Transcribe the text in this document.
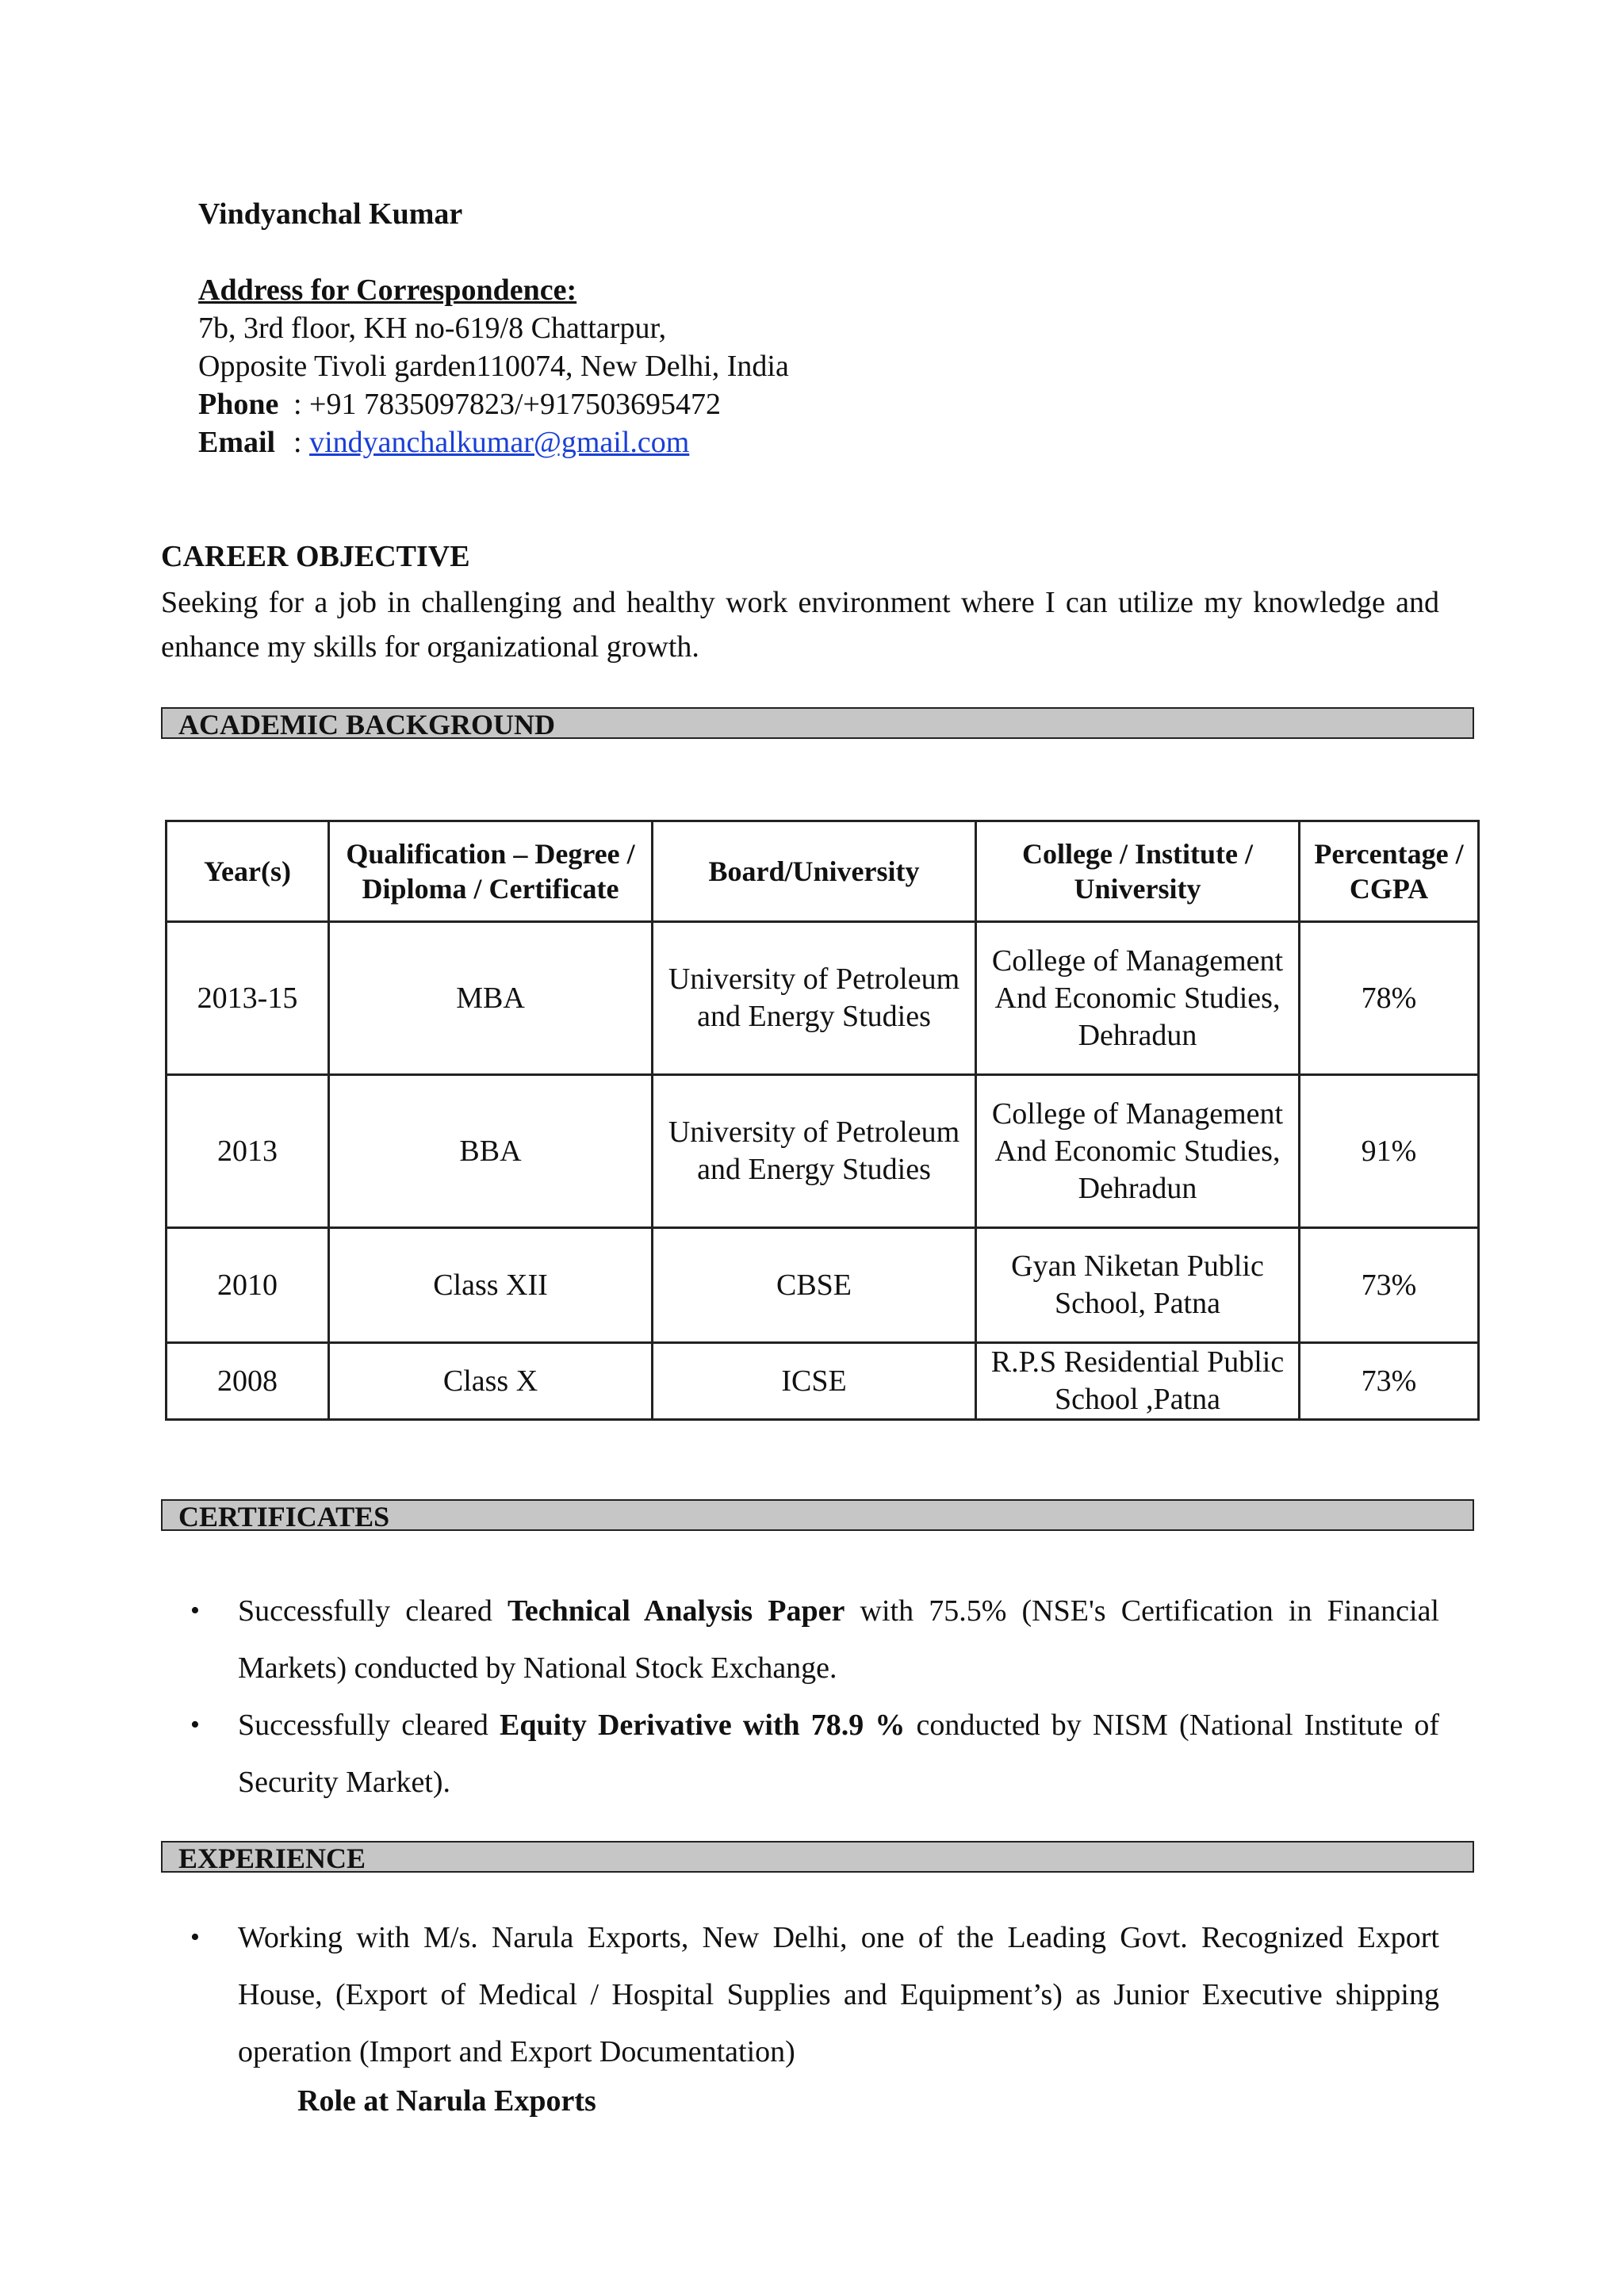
Vindyanchal Kumar
Address for Correspondence:
7b, 3rd floor, KH no-619/8 Chattarpur,
Opposite Tivoli garden110074, New Delhi, India
Phone : +91 7835097823/+917503695472
Email : vindyanchalkumar@gmail.com
CAREER OBJECTIVE
Seeking for a job in challenging and healthy work environment where I can utilize my knowledge and enhance my skills for organizational growth.
ACADEMIC BACKGROUND
Year(s)	Qualification – Degree / Diploma / Certificate	Board/University	College / Institute / University	Percentage / CGPA
2013-15	MBA	University of Petroleum and Energy Studies	College of Management And Economic Studies, Dehradun	78%
2013	BBA	University of Petroleum and Energy Studies	College of Management And Economic Studies, Dehradun	91%
2010	Class XII	CBSE	Gyan Niketan Public School, Patna	73%
2008	Class X	ICSE	R.P.S Residential Public School ,Patna	73%
CERTIFICATES
• Successfully cleared Technical Analysis Paper with 75.5% (NSE's Certification in Financial Markets) conducted by National Stock Exchange.
• Successfully cleared Equity Derivative with 78.9 % conducted by NISM (National Institute of Security Market).
EXPERIENCE
• Working with M/s. Narula Exports, New Delhi, one of the Leading Govt. Recognized Export House, (Export of Medical / Hospital Supplies and Equipment’s) as Junior Executive shipping operation (Import and Export Documentation)
Role at Narula Exports
